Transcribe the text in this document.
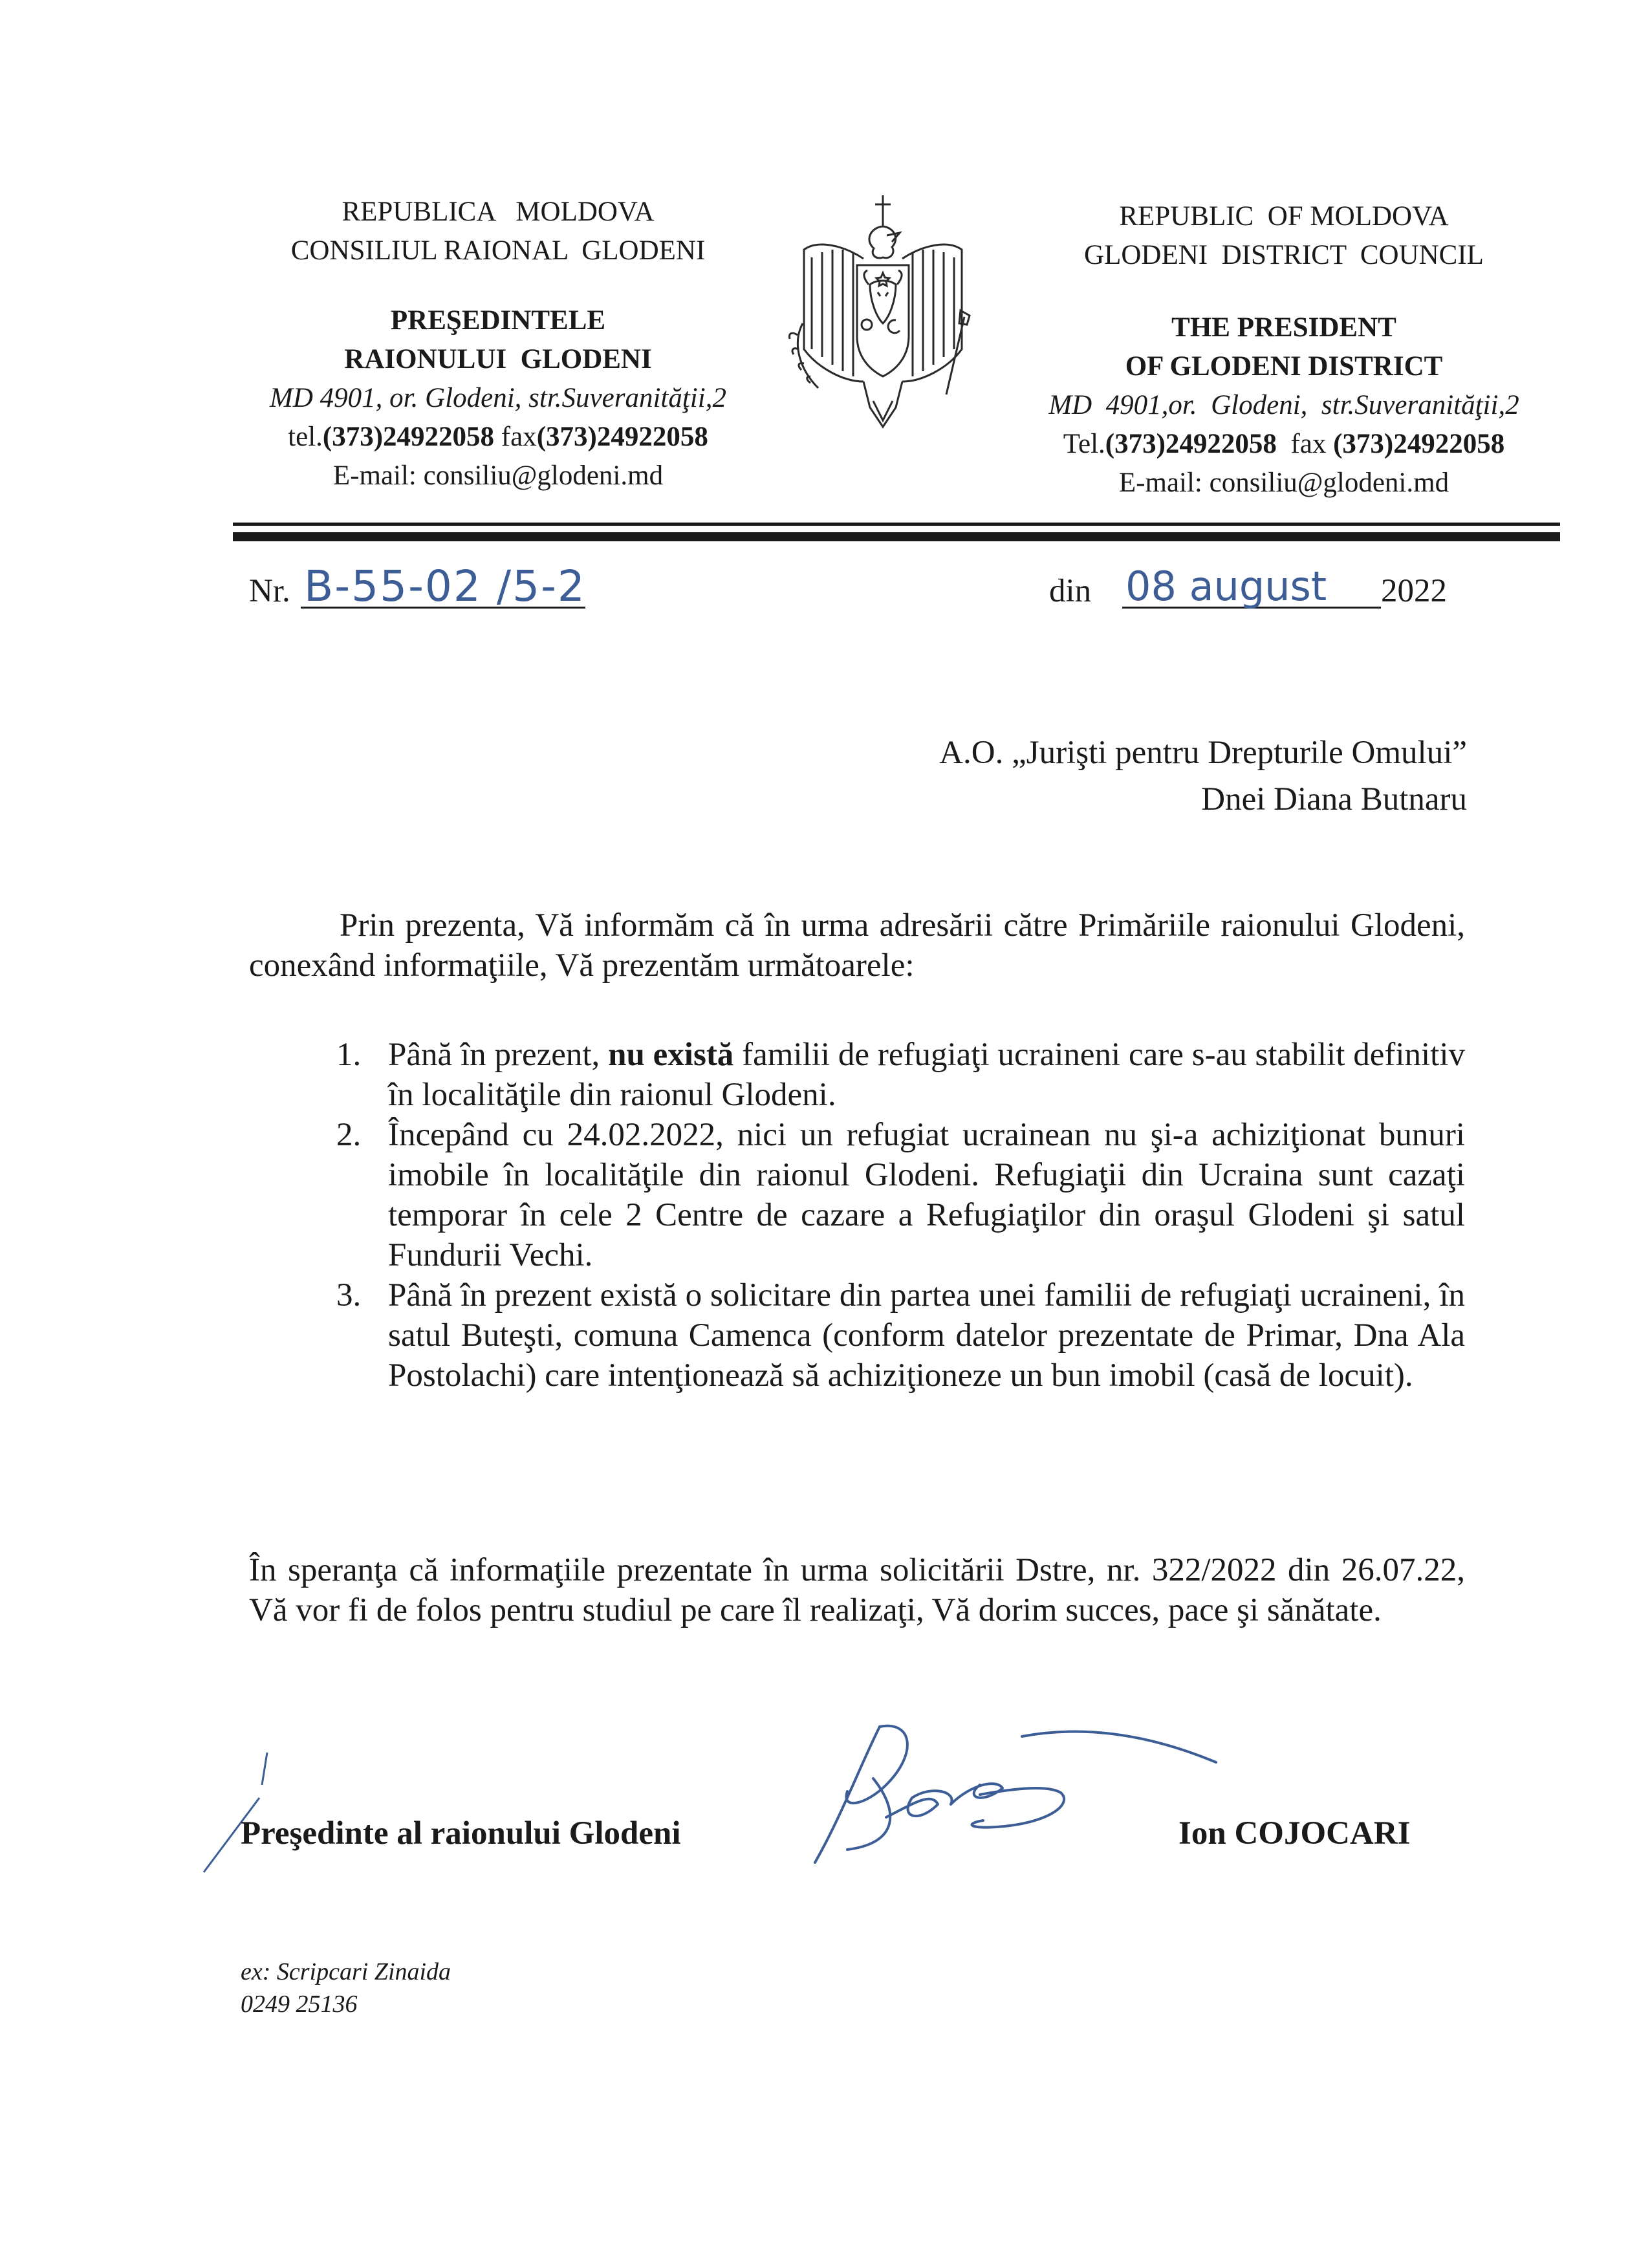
REPUBLICA   MOLDOVA
CONSILIUL RAIONAL  GLODENI
PREŞEDINTELE
RAIONULUI  GLODENI
MD 4901, or. Glodeni, str.Suveranităţii,2
tel.(373)24922058 fax(373)24922058
E-mail: consiliu@glodeni.md
REPUBLIC  OF MOLDOVA
GLODENI  DISTRICT  COUNCIL
THE PRESIDENT
OF GLODENI DISTRICT
MD  4901,or.  Glodeni,  str.Suveranităţii,2
Tel.(373)24922058  fax (373)24922058
E-mail: consiliu@glodeni.md
Nr. B-55-02 /5-2	din 08 august 2022
A.O. „Jurişti pentru Drepturile Omului”
Dnei Diana Butnaru
Prin prezenta, Vă informăm că în urma adresării către Primăriile raionului Glodeni, conexând informaţiile, Vă prezentăm următoarele:
1. Până în prezent, nu există familii de refugiaţi ucraineni care s-au stabilit definitiv în localităţile din raionul Glodeni.
2. Începând cu 24.02.2022, nici un refugiat ucrainean nu şi-a achiziţionat bunuri imobile în localităţile din raionul Glodeni. Refugiaţii din Ucraina sunt cazaţi temporar în cele 2 Centre de cazare a Refugiaţilor din oraşul Glodeni şi satul Fundurii Vechi.
3. Până în prezent există o solicitare din partea unei familii de refugiaţi ucraineni, în satul Buteşti, comuna Camenca (conform datelor prezentate de Primar, Dna Ala Postolachi) care intenţionează să achiziţioneze un bun imobil (casă de locuit).
În speranţa că informaţiile prezentate în urma solicitării Dstre, nr. 322/2022 din 26.07.22, Vă vor fi de folos pentru studiul pe care îl realizaţi, Vă dorim succes, pace şi sănătate.
Preşedinte al raionului Glodeni	Ion COJOCARI
ex: Scripcari Zinaida
0249 25136
